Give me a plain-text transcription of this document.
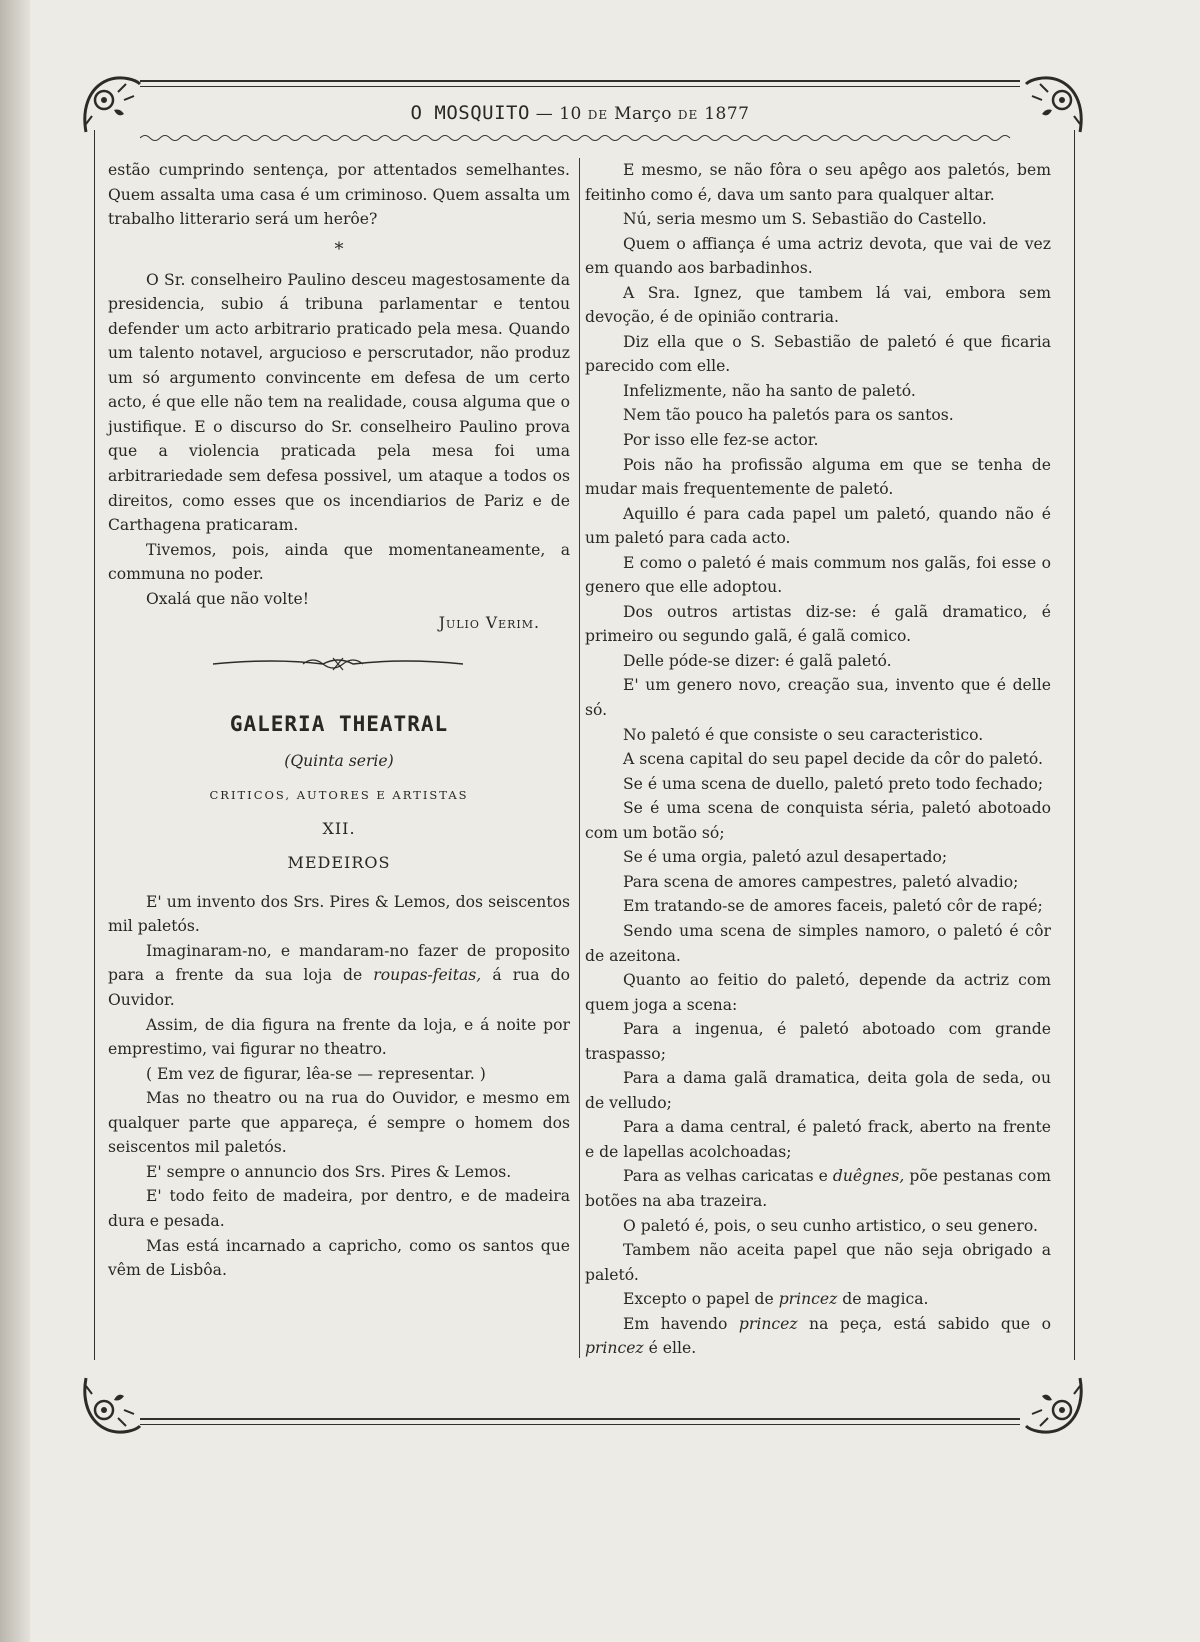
O MOSQUITO — 10 DE Março DE 1877

estão cumprindo sentença, por attentados semelhantes. Quem assalta uma casa é um criminoso. Quem assalta um trabalho litterario será um herôe?

*

O Sr. conselheiro Paulino desceu magestosamente da presidencia, subio á tribuna parlamentar e tentou defender um acto arbitrario praticado pela mesa. Quando um talento notavel, argucioso e perscrutador, não produz um só argumento convincente em defesa de um certo acto, é que elle não tem na realidade, cousa alguma que o justifique. E o discurso do Sr. conselheiro Paulino prova que a violencia praticada pela mesa foi uma arbitrariedade sem defesa possivel, um ataque a todos os direitos, como esses que os incendiarios de Pariz e de Carthagena praticaram.

Tivemos, pois, ainda que momentaneamente, a communa no poder.

Oxalá que não volte!

Julio Verim.

GALERIA THEATRAL
(Quinta serie)
CRITICOS, AUTORES E ARTISTAS
XII.
MEDEIROS

E' um invento dos Srs. Pires & Lemos, dos seiscentos mil paletós.

Imaginaram-no, e mandaram-no fazer de proposito para a frente da sua loja de roupas-feitas, á rua do Ouvidor.

Assim, de dia figura na frente da loja, e á noite por emprestimo, vai figurar no theatro.

( Em vez de figurar, lêa-se — representar. )

Mas no theatro ou na rua do Ouvidor, e mesmo em qualquer parte que appareça, é sempre o homem dos seiscentos mil paletós.

E' sempre o annuncio dos Srs. Pires & Lemos.

E' todo feito de madeira, por dentro, e de madeira dura e pesada.

Mas está incarnado a capricho, como os santos que vêm de Lisbôa.

E mesmo, se não fôra o seu apêgo aos paletós, bem feitinho como é, dava um santo para qualquer altar.

Nú, seria mesmo um S. Sebastião do Castello.

Quem o affiança é uma actriz devota, que vai de vez em quando aos barbadinhos.

A Sra. Ignez, que tambem lá vai, embora sem devoção, é de opinião contraria.

Diz ella que o S. Sebastião de paletó é que ficaria parecido com elle.

Infelizmente, não ha santo de paletó.

Nem tão pouco ha paletós para os santos.

Por isso elle fez-se actor.

Pois não ha profissão alguma em que se tenha de mudar mais frequentemente de paletó.

Aquillo é para cada papel um paletó, quando não é um paletó para cada acto.

E como o paletó é mais commum nos galãs, foi esse o genero que elle adoptou.

Dos outros artistas diz-se: é galã dramatico, é primeiro ou segundo galã, é galã comico.

Delle póde-se dizer: é galã paletó.

E' um genero novo, creação sua, invento que é delle só.

No paletó é que consiste o seu caracteristico.

A scena capital do seu papel decide da côr do paletó.

Se é uma scena de duello, paletó preto todo fechado;

Se é uma scena de conquista séria, paletó abotoado com um botão só;

Se é uma orgia, paletó azul desapertado;

Para scena de amores campestres, paletó alvadio;

Em tratando-se de amores faceis, paletó côr de rapé;

Sendo uma scena de simples namoro, o paletó é côr de azeitona.

Quanto ao feitio do paletó, depende da actriz com quem joga a scena:

Para a ingenua, é paletó abotoado com grande traspasso;

Para a dama galã dramatica, deita gola de seda, ou de velludo;

Para a dama central, é paletó frack, aberto na frente e de lapellas acolchoadas;

Para as velhas caricatas e duêgnes, põe pestanas com botões na aba trazeira.

O paletó é, pois, o seu cunho artistico, o seu genero.

Tambem não aceita papel que não seja obrigado a paletó.

Excepto o papel de princez de magica.

Em havendo princez na peça, está sabido que o princez é elle.
